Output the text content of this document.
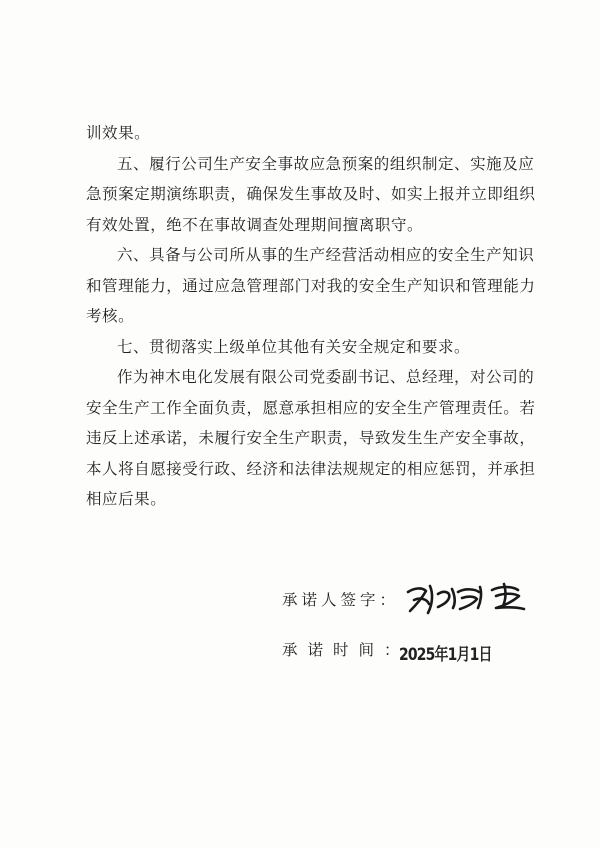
训效果。
五、履行公司生产安全事故应急预案的组织制定、实施及应
急预案定期演练职责，确保发生事故及时、如实上报并立即组织
有效处置，绝不在事故调查处理期间擅离职守。
六、具备与公司所从事的生产经营活动相应的安全生产知识
和管理能力，通过应急管理部门对我的安全生产知识和管理能力
考核。
七、贯彻落实上级单位其他有关安全规定和要求。
作为神木电化发展有限公司党委副书记、总经理，对公司的
安全生产工作全面负责，愿意承担相应的安全生产管理责任。若
违反上述承诺，未履行安全生产职责，导致发生生产安全事故，
本人将自愿接受行政、经济和法律法规规定的相应惩罚，并承担
相应后果。
承诺人签字：
承诺时间：
2025年1月1日
